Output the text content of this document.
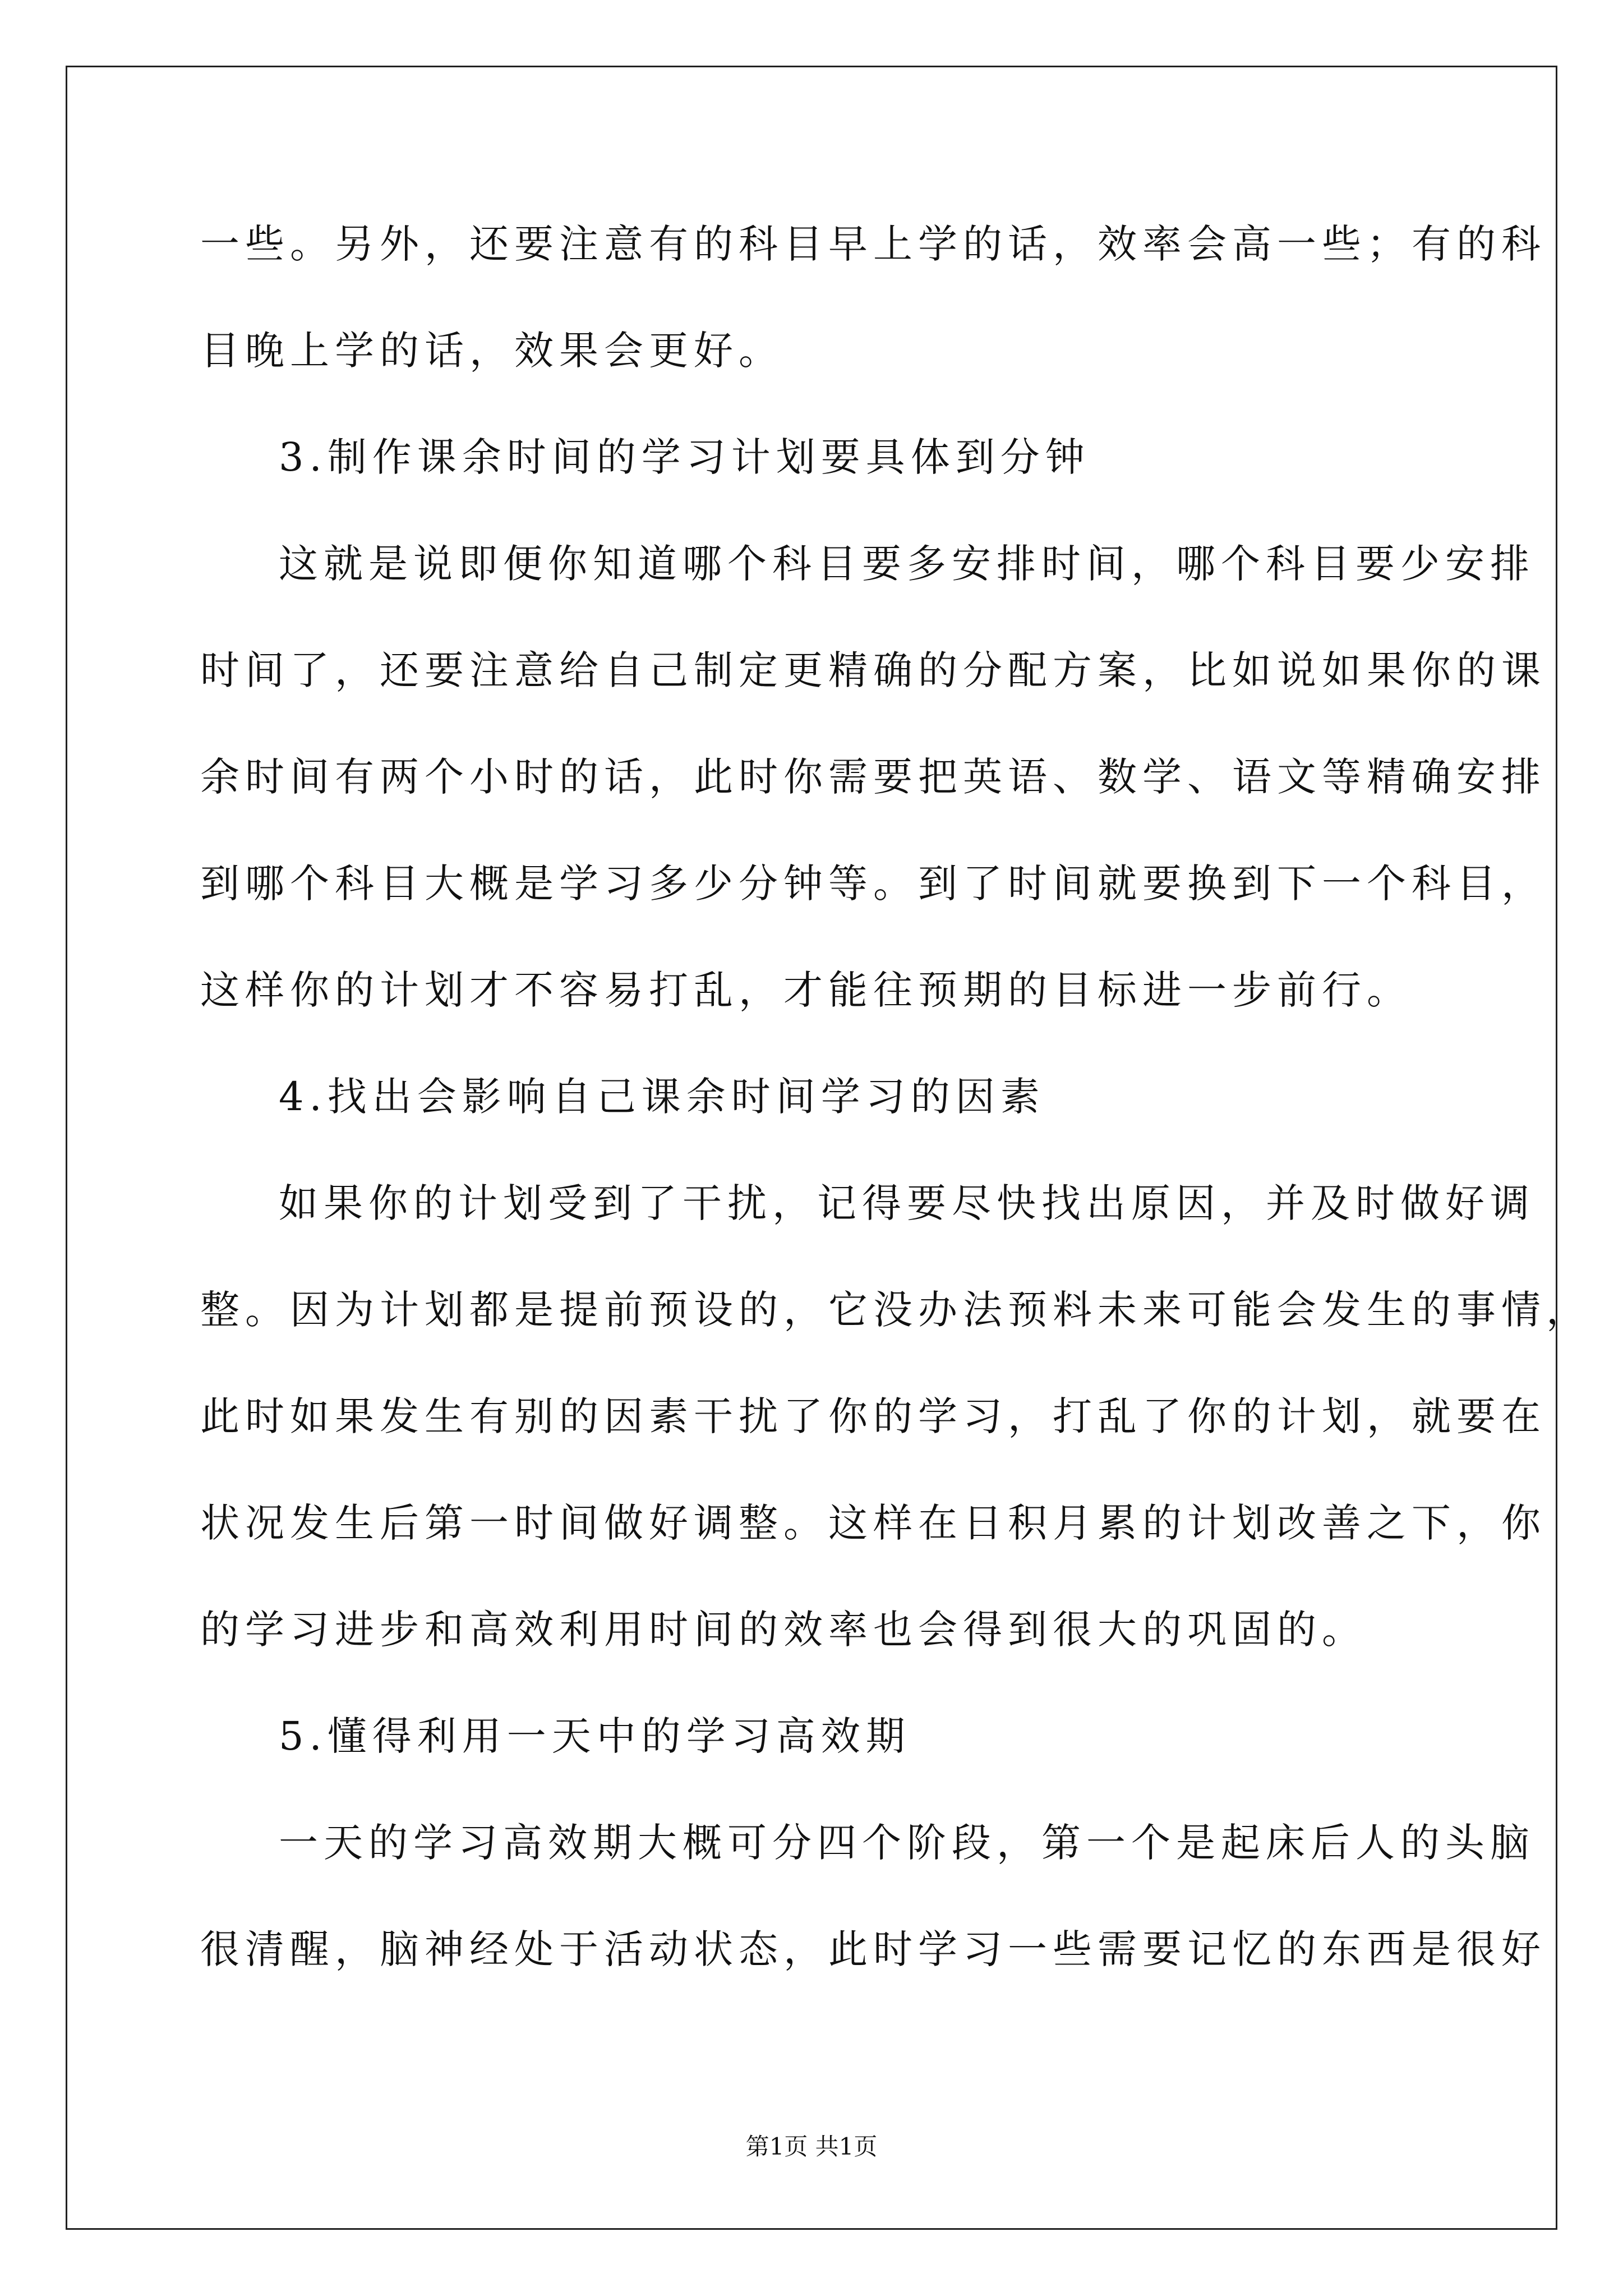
一些。另外，还要注意有的科目早上学的话，效率会高一些；有的科
目晚上学的话，效果会更好。
3.制作课余时间的学习计划要具体到分钟
这就是说即便你知道哪个科目要多安排时间，哪个科目要少安排
时间了，还要注意给自己制定更精确的分配方案，比如说如果你的课
余时间有两个小时的话，此时你需要把英语、数学、语文等精确安排
到哪个科目大概是学习多少分钟等。到了时间就要换到下一个科目，
这样你的计划才不容易打乱，才能往预期的目标进一步前行。
4.找出会影响自己课余时间学习的因素
如果你的计划受到了干扰，记得要尽快找出原因，并及时做好调
整。因为计划都是提前预设的，它没办法预料未来可能会发生的事情，
此时如果发生有别的因素干扰了你的学习，打乱了你的计划，就要在
状况发生后第一时间做好调整。这样在日积月累的计划改善之下，你
的学习进步和高效利用时间的效率也会得到很大的巩固的。
5.懂得利用一天中的学习高效期
一天的学习高效期大概可分四个阶段，第一个是起床后人的头脑
很清醒，脑神经处于活动状态，此时学习一些需要记忆的东西是很好
第1页 共1页
